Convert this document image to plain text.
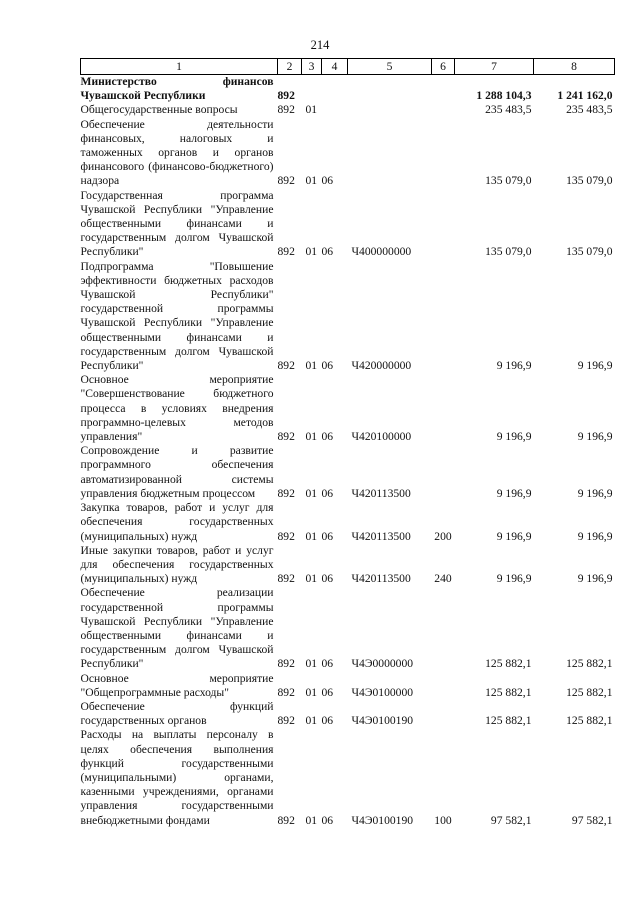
214
1	2	3	4	5	6	7	8
Министерство финансов Чувашской Республики	892					1 288 104,3	1 241 162,0
Общегосударственные вопросы	892	01				235 483,5	235 483,5
Обеспечение деятельности финансовых, налоговых и таможенных органов и органов финансового (финансово-бюджетного) надзора	892	01	06			135 079,0	135 079,0
Государственная программа Чувашской Республики "Управление общественными финансами и государственным долгом Чувашской Республики"	892	01	06	Ч400000000		135 079,0	135 079,0
Подпрограмма "Повышение эффективности бюджетных расходов Чувашской Республики" государственной программы Чувашской Республики "Управление общественными финансами и государственным долгом Чувашской Республики"	892	01	06	Ч420000000		9 196,9	9 196,9
Основное мероприятие "Совершенствование бюджетного процесса в условиях внедрения программно-целевых методов управления"	892	01	06	Ч420100000		9 196,9	9 196,9
Сопровождение и развитие программного обеспечения автоматизированной системы управления бюджетным процессом	892	01	06	Ч420113500		9 196,9	9 196,9
Закупка товаров, работ и услуг для обеспечения государственных (муниципальных) нужд	892	01	06	Ч420113500	200	9 196,9	9 196,9
Иные закупки товаров, работ и услуг для обеспечения государственных (муниципальных) нужд	892	01	06	Ч420113500	240	9 196,9	9 196,9
Обеспечение реализации государственной программы Чувашской Республики "Управление общественными финансами и государственным долгом Чувашской Республики"	892	01	06	Ч4Э0000000		125 882,1	125 882,1
Основное мероприятие "Общепрограммные расходы"	892	01	06	Ч4Э0100000		125 882,1	125 882,1
Обеспечение функций государственных органов	892	01	06	Ч4Э0100190		125 882,1	125 882,1
Расходы на выплаты персоналу в целях обеспечения выполнения функций государственными (муниципальными) органами, казенными учреждениями, органами управления государственными внебюджетными фондами	892	01	06	Ч4Э0100190	100	97 582,1	97 582,1
